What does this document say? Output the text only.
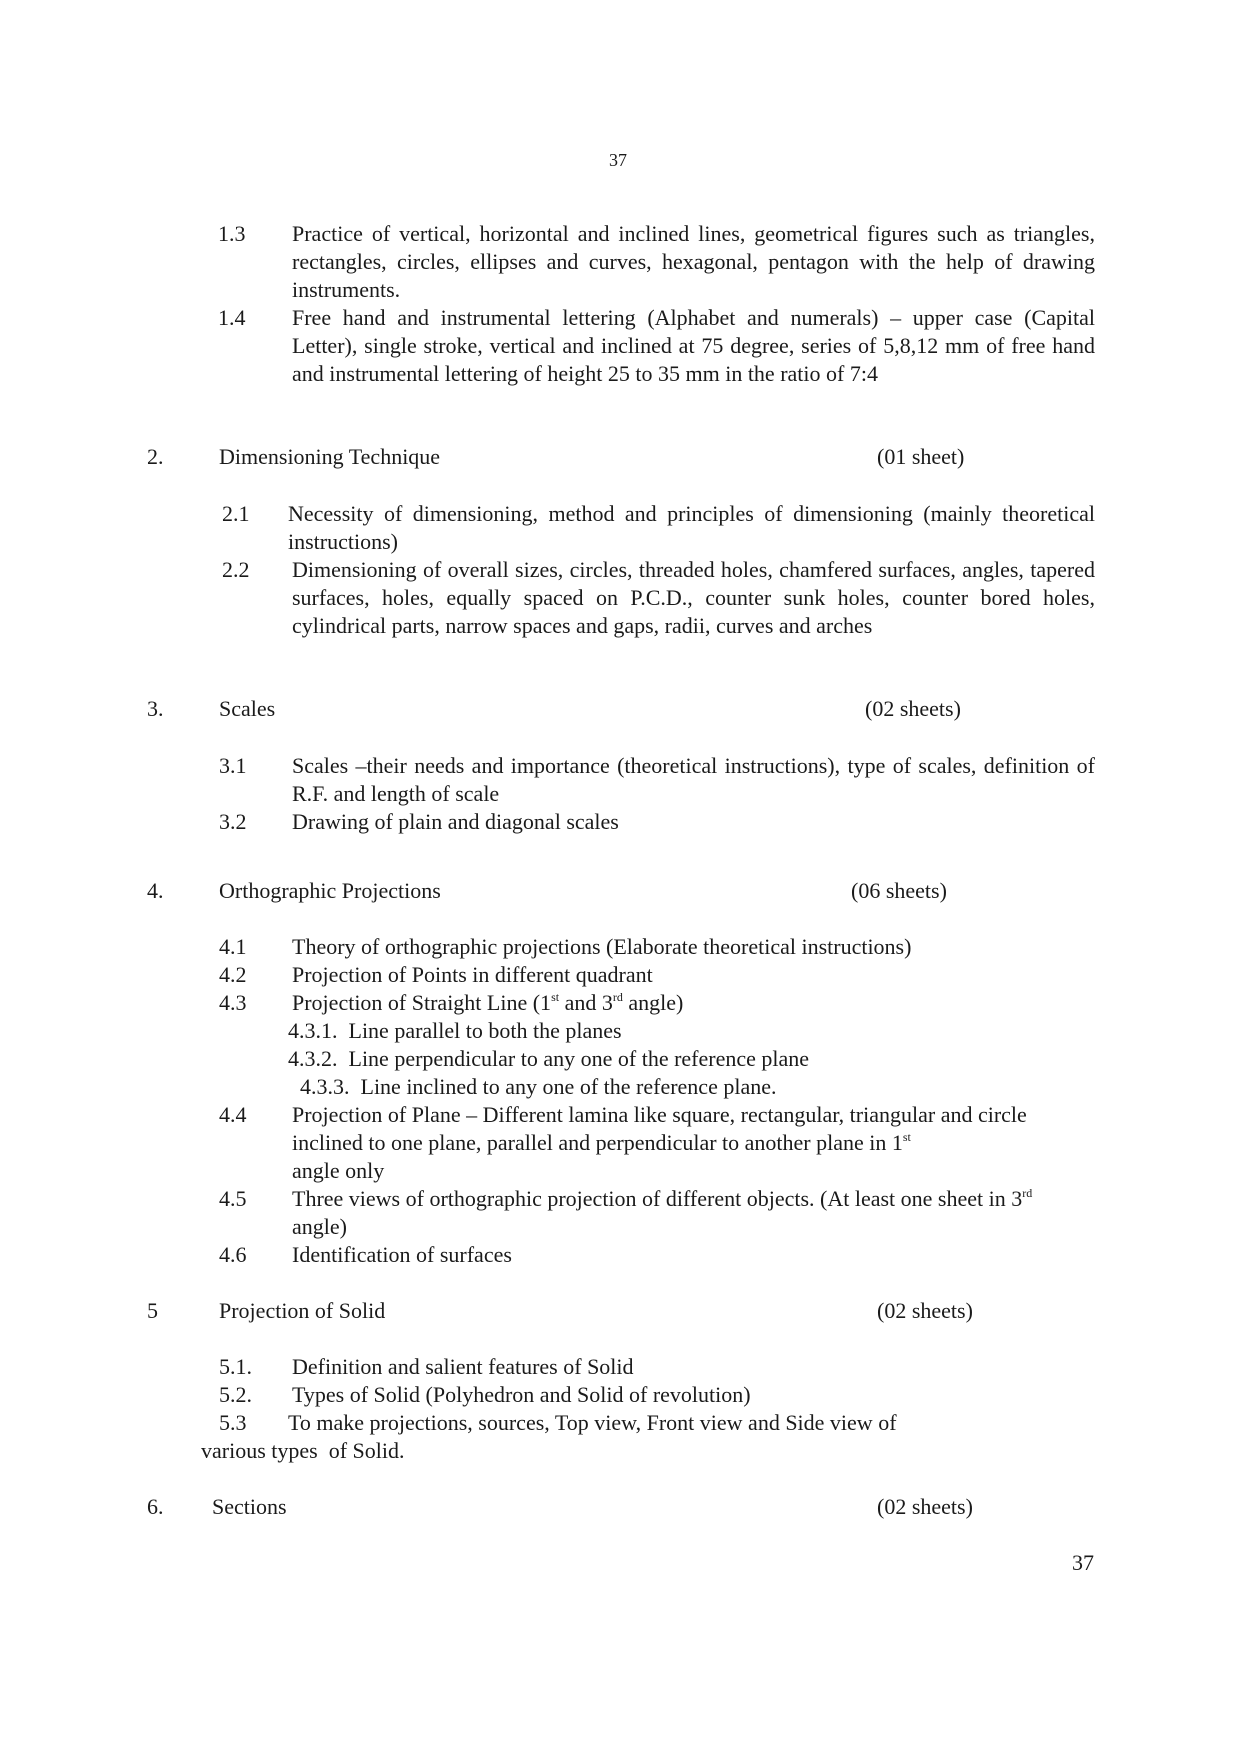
37
1.3 Practice of vertical, horizontal and inclined lines, geometrical figures such as triangles, rectangles, circles, ellipses and curves, hexagonal, pentagon with the help of drawing instruments.
1.4 Free hand and instrumental lettering (Alphabet and numerals) – upper case (Capital Letter), single stroke, vertical and inclined at 75 degree, series of 5,8,12 mm of free hand and instrumental lettering of height 25 to 35 mm in the ratio of 7:4
2.	Dimensioning Technique	(01 sheet)
2.1 Necessity of dimensioning, method and principles of dimensioning (mainly theoretical instructions)
2.2 Dimensioning of overall sizes, circles, threaded holes, chamfered surfaces, angles, tapered surfaces, holes, equally spaced on P.C.D., counter sunk holes, counter bored holes, cylindrical parts, narrow spaces and gaps, radii, curves and arches
3.	Scales	(02 sheets)
3.1 Scales –their needs and importance (theoretical instructions), type of scales, definition of R.F. and length of scale
3.2 Drawing of plain and diagonal scales
4.	Orthographic Projections	(06 sheets)
4.1 Theory of orthographic projections (Elaborate theoretical instructions)
4.2 Projection of Points in different quadrant
4.3 Projection of Straight Line (1st and 3rd angle)
4.3.1.  Line parallel to both the planes
4.3.2.  Line perpendicular to any one of the reference plane
4.3.3.  Line inclined to any one of the reference plane.
4.4 Projection of Plane – Different lamina like square, rectangular, triangular and circle inclined to one plane, parallel and perpendicular to another plane in 1st
angle only
4.5 Three views of orthographic projection of different objects. (At least one sheet in 3rd angle)
4.6 Identification of surfaces
5	Projection of Solid	(02 sheets)
5.1. Definition and salient features of Solid
5.2. Types of Solid (Polyhedron and Solid of revolution)
5.3 To make projections, sources, Top view, Front view and Side view of
various types  of Solid.
6. Sections	(02 sheets)
37
